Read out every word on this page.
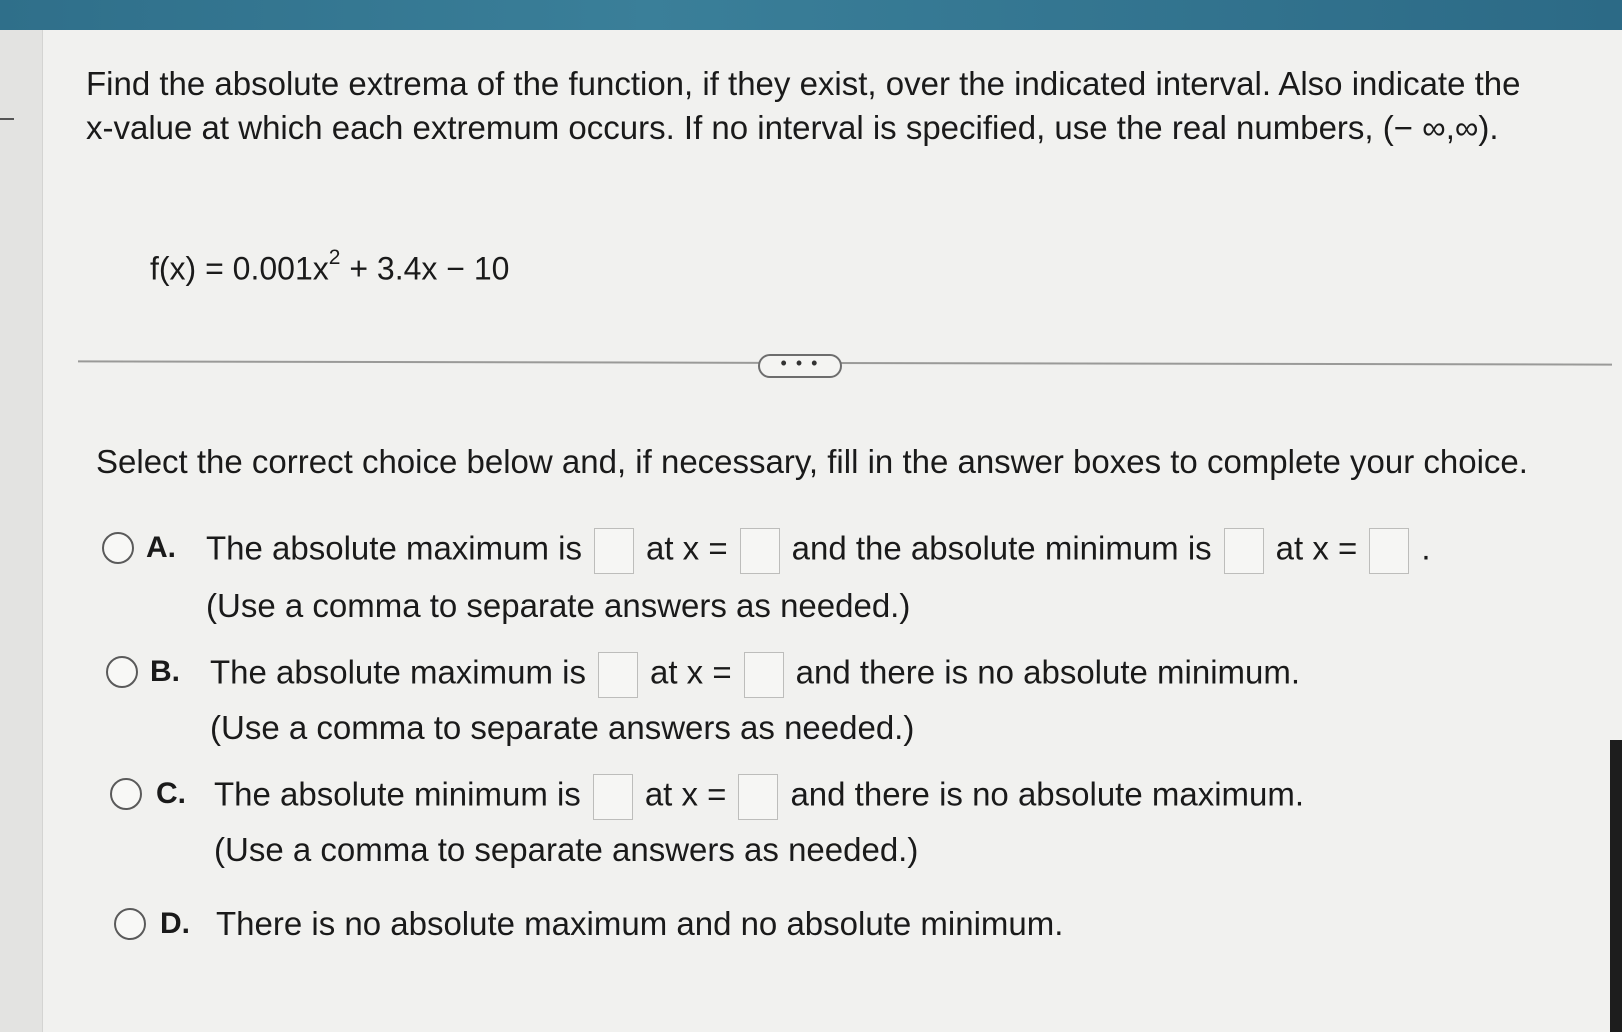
Find the absolute extrema of the function, if they exist, over the indicated interval. Also indicate the x-value at which each extremum occurs. If no interval is specified, use the real numbers, (− ∞,∞).
$f(x) = 0.001x^2 + 3.4x - 10$
• • •
Select the correct choice below and, if necessary, fill in the answer boxes to complete your choice.
A. The absolute maximum is at x = and the absolute minimum is at x = .
(Use a comma to separate answers as needed.)
B. The absolute maximum is at x = and there is no absolute minimum.
(Use a comma to separate answers as needed.)
C. The absolute minimum is at x = and there is no absolute maximum.
(Use a comma to separate answers as needed.)
D. There is no absolute maximum and no absolute minimum.
